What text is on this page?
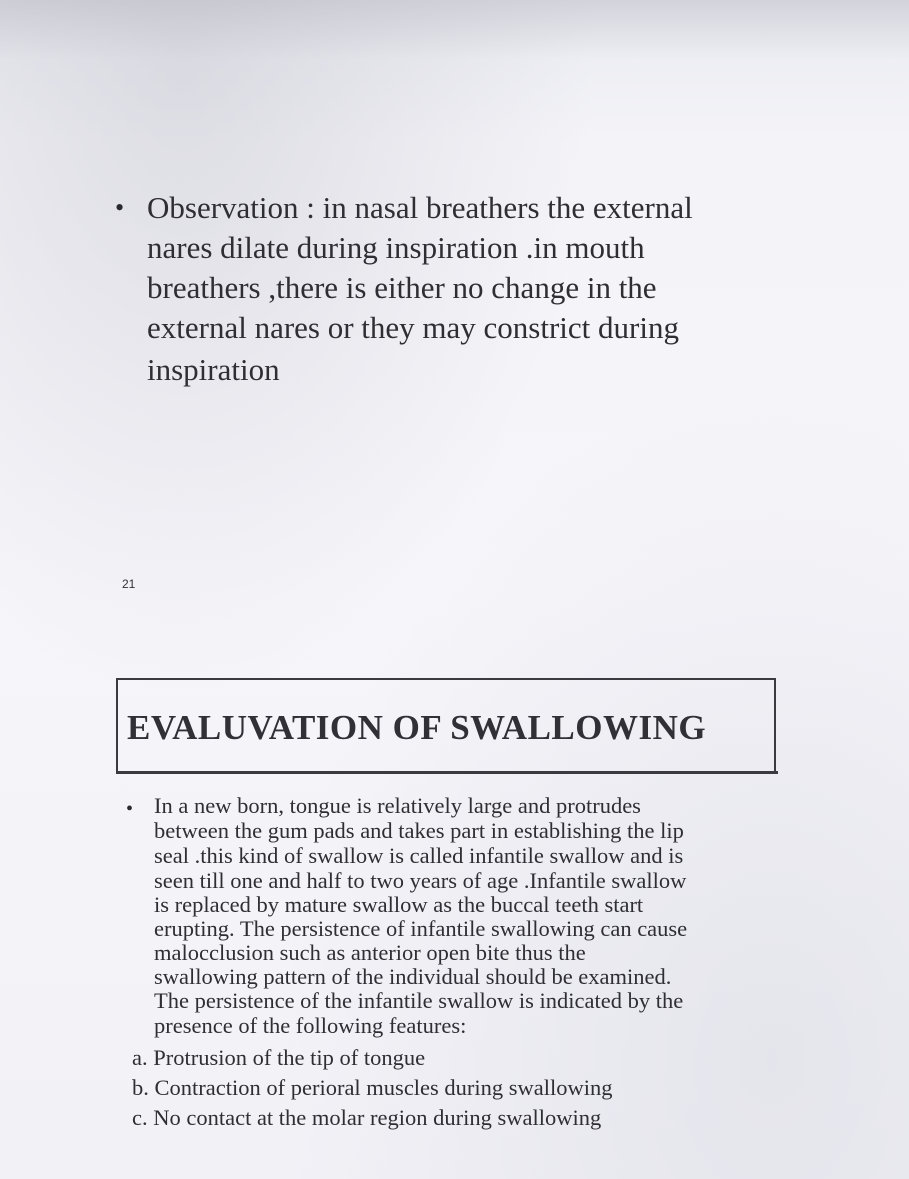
• Observation : in nasal breathers the external
nares dilate during inspiration .in mouth
breathers ,there is either no change in the
external nares or they may constrict during
inspiration
21
EVALUVATION OF SWALLOWING
• In a new born, tongue is relatively large and protrudes
between the gum pads and takes part in establishing the lip
seal .this kind of swallow is called infantile swallow and is
seen till one and half to two years of age .Infantile swallow
is replaced by mature swallow as the buccal teeth start
erupting. The persistence of infantile swallowing can cause
malocclusion such as anterior open bite thus the
swallowing pattern of the individual should be examined.
The persistence of the infantile swallow is indicated by the
presence of the following features:
a. Protrusion of the tip of tongue
b. Contraction of perioral muscles during swallowing
c. No contact at the molar region during swallowing
